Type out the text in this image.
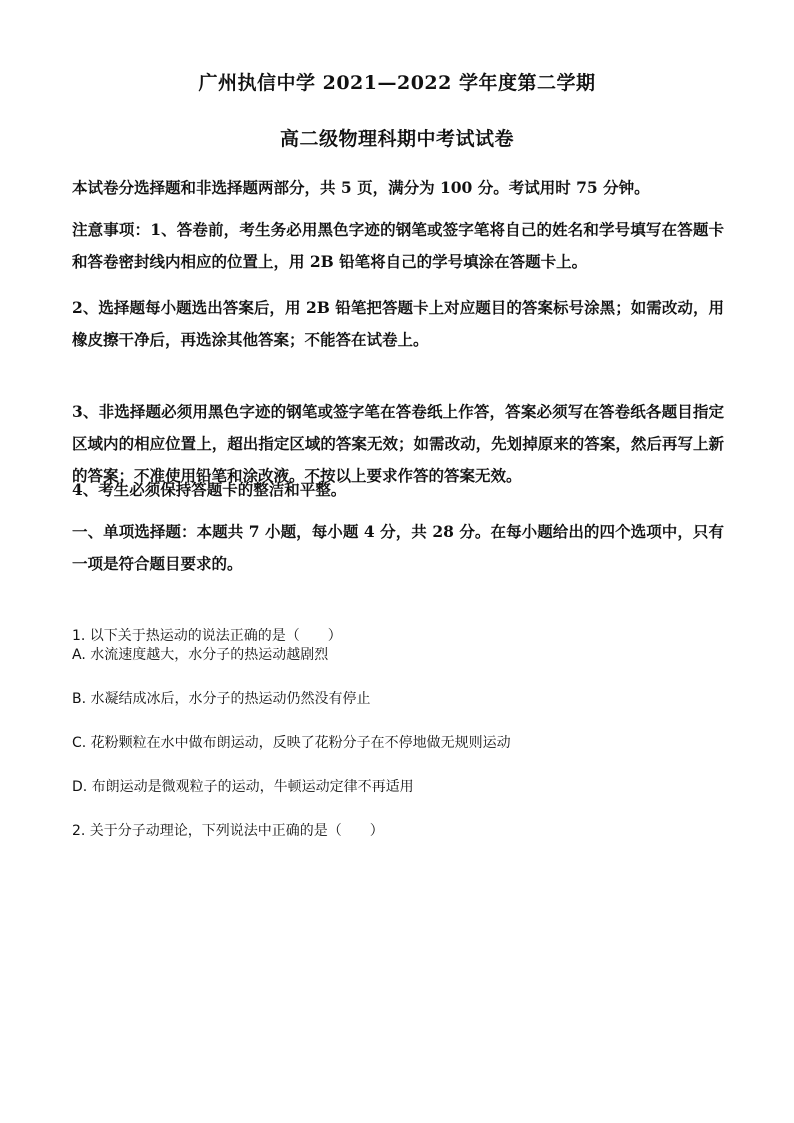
广州执信中学 2021—2022 学年度第二学期
高二级物理科期中考试试卷
本试卷分选择题和非选择题两部分，共 5 页，满分为 100 分。考试用时 75 分钟。
注意事项：1、答卷前，考生务必用黑色字迹的钢笔或签字笔将自己的姓名和学号填写在答题卡和答卷密封线内相应的位置上，用 2B 铅笔将自己的学号填涂在答题卡上。
2、选择题每小题选出答案后，用 2B 铅笔把答题卡上对应题目的答案标号涂黑；如需改动，用橡皮擦干净后，再选涂其他答案；不能答在试卷上。
3、非选择题必须用黑色字迹的钢笔或签字笔在答卷纸上作答，答案必须写在答卷纸各题目指定区域内的相应位置上，超出指定区域的答案无效；如需改动，先划掉原来的答案，然后再写上新的答案；不准使用铅笔和涂改液。不按以上要求作答的答案无效。
4、考生必须保持答题卡的整洁和平整。
一、单项选择题：本题共 7 小题，每小题 4 分，共 28 分。在每小题给出的四个选项中，只有一项是符合题目要求的。
1. 以下关于热运动的说法正确的是（　　）
A. 水流速度越大，水分子的热运动越剧烈
B. 水凝结成冰后，水分子的热运动仍然没有停止
C. 花粉颗粒在水中做布朗运动，反映了花粉分子在不停地做无规则运动
D. 布朗运动是微观粒子的运动，牛顿运动定律不再适用
2. 关于分子动理论，下列说法中正确的是（　　）
